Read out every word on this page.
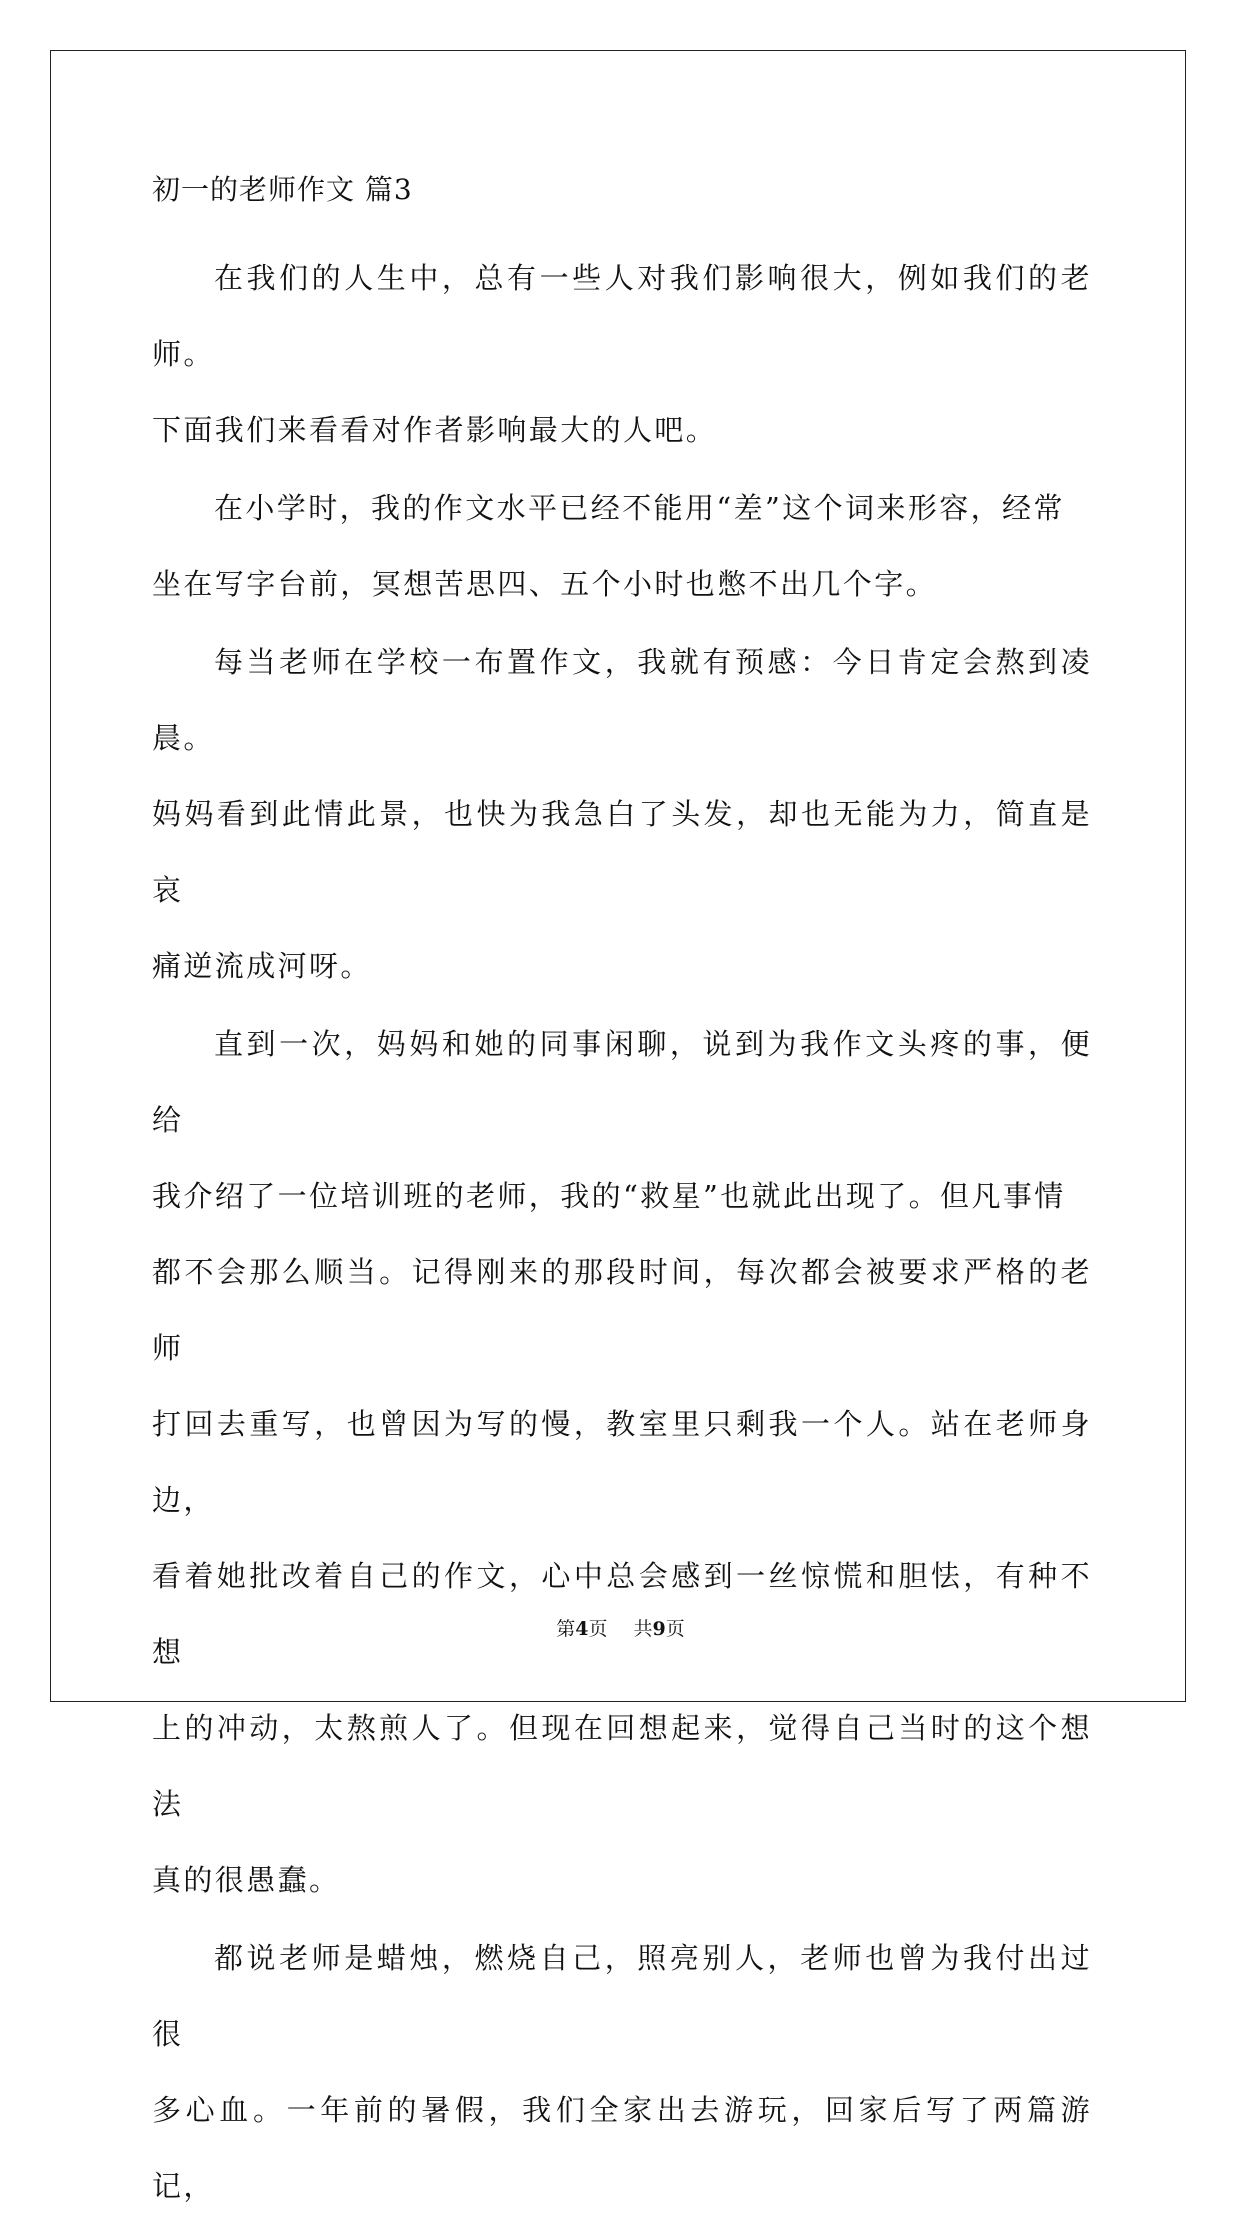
初一的老师作文 篇3
在我们的人生中，总有一些人对我们影响很大，例如我们的老师。
下面我们来看看对作者影响最大的人吧。
在小学时，我的作文水平已经不能用“差”这个词来形容，经常
坐在写字台前，冥想苦思四、五个小时也憋不出几个字。
每当老师在学校一布置作文，我就有预感：今日肯定会熬到凌晨。
妈妈看到此情此景，也快为我急白了头发，却也无能为力，简直是哀
痛逆流成河呀。
直到一次，妈妈和她的同事闲聊，说到为我作文头疼的事，便给
我介绍了一位培训班的老师，我的“救星”也就此出现了。但凡事情
都不会那么顺当。记得刚来的那段时间，每次都会被要求严格的老师
打回去重写，也曾因为写的慢，教室里只剩我一个人。站在老师身边，
看着她批改着自己的作文，心中总会感到一丝惊慌和胆怯，有种不想
上的冲动，太熬煎人了。但现在回想起来，觉得自己当时的这个想法
真的很愚蠢。
都说老师是蜡烛，燃烧自己，照亮别人，老师也曾为我付出过很
多心血。一年前的暑假，我们全家出去游玩，回家后写了两篇游记，
第4页 共9页
